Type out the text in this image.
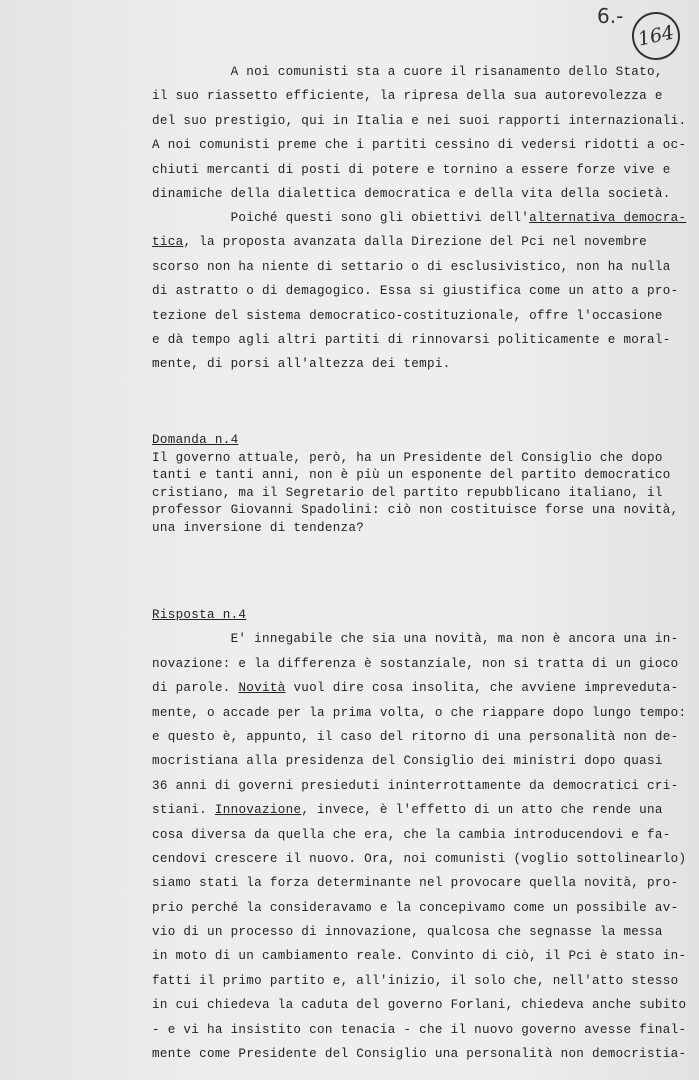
6.-
164
A noi comunisti sta a cuore il risanamento dello Stato,
il suo riassetto efficiente, la ripresa della sua autorevolezza e
del suo prestigio, qui in Italia e nei suoi rapporti internazionali.
A noi comunisti preme che i partiti cessino di vedersi ridotti a oc-
chiuti mercanti di posti di potere e tornino a essere forze vive e
dinamiche della dialettica democratica e della vita della società.
Poiché questi sono gli obiettivi dell'alternativa democra-
tica, la proposta avanzata dalla Direzione del Pci nel novembre
scorso non ha niente di settario o di esclusivistico, non ha nulla
di astratto o di demagogico. Essa si giustifica come un atto a pro-
tezione del sistema democratico-costituzionale, offre l'occasione
e dà tempo agli altri partiti di rinnovarsi politicamente e moral-
mente, di porsi all'altezza dei tempi.
Domanda n.4
Il governo attuale, però, ha un Presidente del Consiglio che dopo
tanti e tanti anni, non è più un esponente del partito democratico
cristiano, ma il Segretario del partito repubblicano italiano, il
professor Giovanni Spadolini: ciò non costituisce forse una novità,
una inversione di tendenza?
Risposta n.4
E' innegabile che sia una novità, ma non è ancora una in-
novazione: e la differenza è sostanziale, non si tratta di un gioco
di parole. Novità vuol dire cosa insolita, che avviene impreveduta-
mente, o accade per la prima volta, o che riappare dopo lungo tempo:
e questo è, appunto, il caso del ritorno di una personalità non de-
mocristiana alla presidenza del Consiglio dei ministri dopo quasi
36 anni di governi presieduti ininterrottamente da democratici cri-
stiani. Innovazione, invece, è l'effetto di un atto che rende una
cosa diversa da quella che era, che la cambia introducendovi e fa-
cendovi crescere il nuovo. Ora, noi comunisti (voglio sottolinearlo)
siamo stati la forza determinante nel provocare quella novità, pro-
prio perché la consideravamo e la concepivamo come un possibile av-
vio di un processo di innovazione, qualcosa che segnasse la messa
in moto di un cambiamento reale. Convinto di ciò, il Pci è stato in-
fatti il primo partito e, all'inizio, il solo che, nell'atto stesso
in cui chiedeva la caduta del governo Forlani, chiedeva anche subito
- e vi ha insistito con tenacia - che il nuovo governo avesse final-
mente come Presidente del Consiglio una personalità non democristia-
